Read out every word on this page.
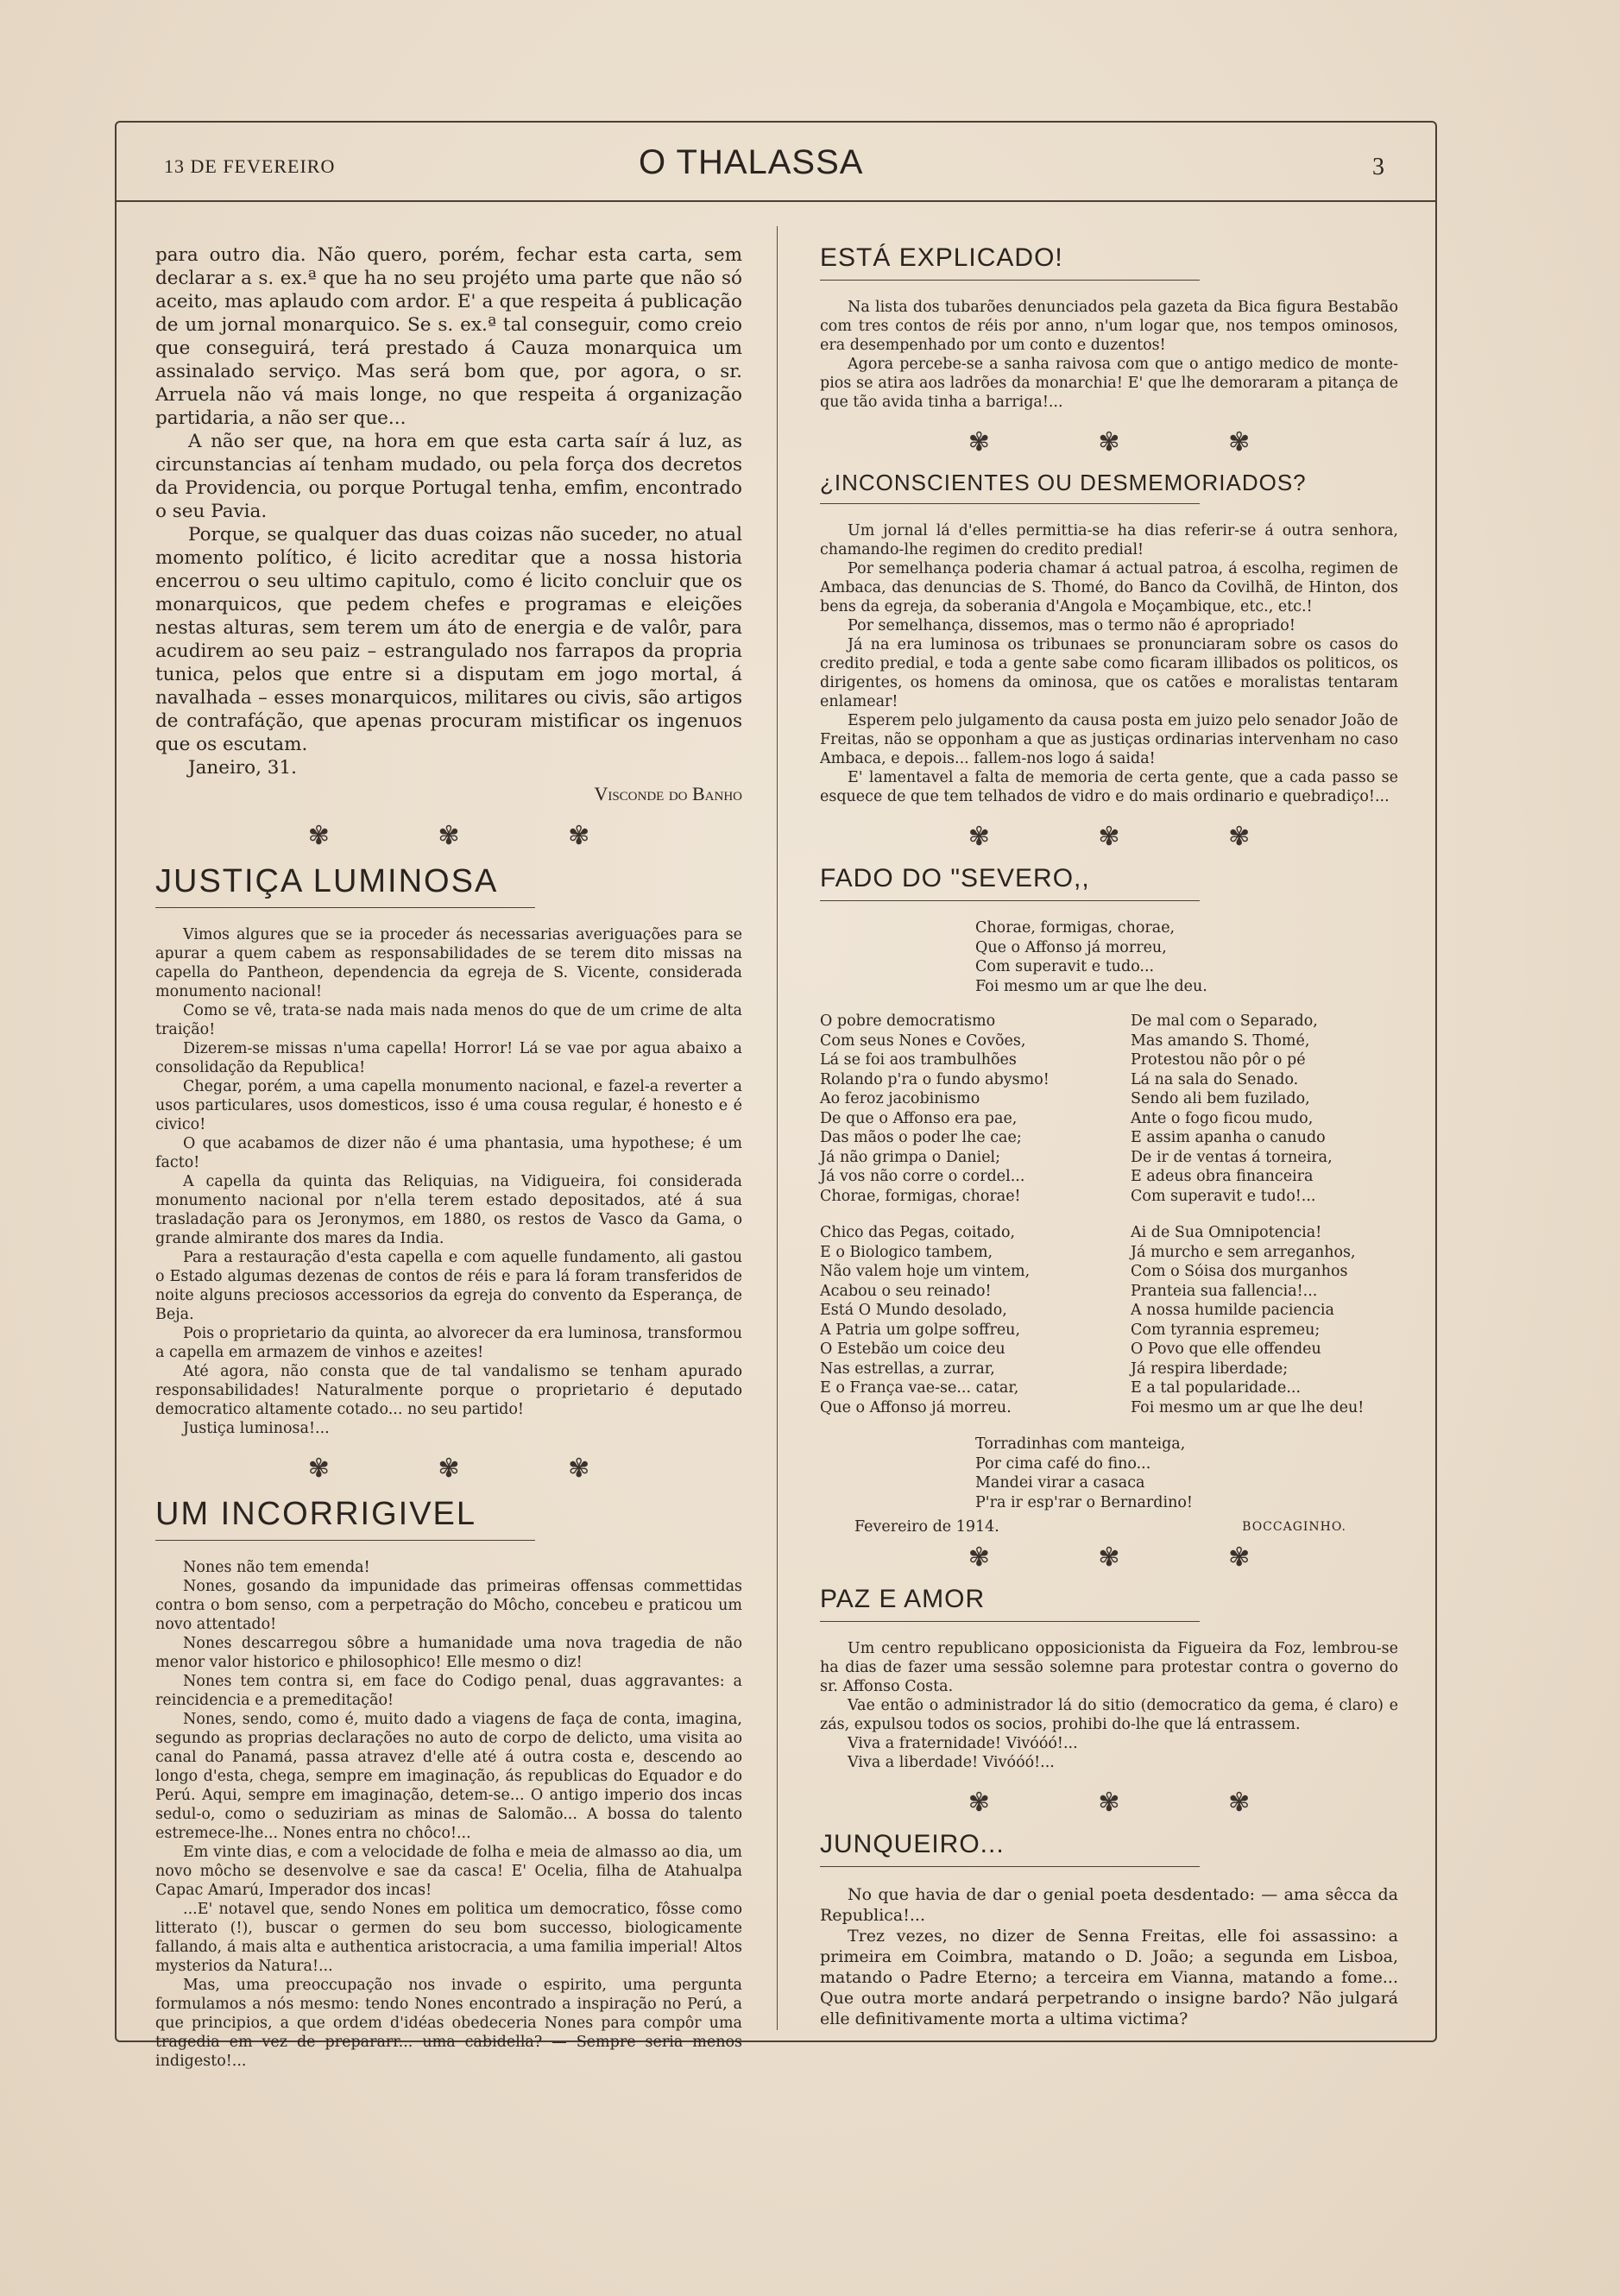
13 DE FEVEREIRO	O THALASSA	3

para outro dia. Não quero, porém, fechar esta carta, sem declarar a s. ex.ª que ha no seu projéto uma parte que não só aceito, mas aplaudo com ardor. E' a que respeita á publicação de um jornal monarquico. Se s. ex.ª tal conseguir, como creio que conseguirá, terá prestado á Cauza monarquica um assinalado serviço. Mas será bom que, por agora, o sr. Arruela não vá mais longe, no que respeita á organização partidaria, a não ser que...

A não ser que, na hora em que esta carta saír á luz, as circunstancias aí tenham mudado, ou pela força dos decretos da Providencia, ou porque Portugal tenha, emfim, encontrado o seu Pavia.

Porque, se qualquer das duas coizas não suceder, no atual momento político, é licito acreditar que a nossa historia encerrou o seu ultimo capitulo, como é licito concluir que os monarquicos, que pedem chefes e programas e eleições nestas alturas, sem terem um áto de energia e de valôr, para acudirem ao seu paiz – estrangulado nos farrapos da propria tunica, pelos que entre si a disputam em jogo mortal, á navalhada – esses monarquicos, militares ou civis, são artigos de contrafáção, que apenas procuram mistificar os ingenuos que os escutam.

Janeiro, 31.

Visconde do Banho
✾ ✾ ✾
JUSTIÇA LUMINOSA

Vimos algures que se ia proceder ás necessarias averiguações para se apurar a quem cabem as responsabilidades de se terem dito missas na capella do Pantheon, dependencia da egreja de S. Vicente, considerada monumento nacional!

Como se vê, trata-se nada mais nada menos do que de um crime de alta traição!

Dizerem-se missas n'uma capella! Horror! Lá se vae por agua abaixo a consolidação da Republica!

Chegar, porém, a uma capella monumento nacional, e fazel-a reverter a usos particulares, usos domesticos, isso é uma cousa regular, é honesto e é civico!

O que acabamos de dizer não é uma phantasia, uma hypothese; é um facto!

A capella da quinta das Reliquias, na Vidigueira, foi considerada monumento nacional por n'ella terem estado depositados, até á sua trasladação para os Jeronymos, em 1880, os restos de Vasco da Gama, o grande almirante dos mares da India.

Para a restauração d'esta capella e com aquelle fundamento, ali gastou o Estado algumas dezenas de contos de réis e para lá foram transferidos de noite alguns preciosos accessorios da egreja do convento da Esperança, de Beja.

Pois o proprietario da quinta, ao alvorecer da era luminosa, transformou a capella em armazem de vinhos e azeites!

Até agora, não consta que de tal vandalismo se tenham apurado responsabilidades! Naturalmente porque o proprietario é deputado democratico altamente cotado... no seu partido!

Justiça luminosa!...

✾ ✾ ✾
UM INCORRIGIVEL

Nones não tem emenda!

Nones, gosando da impunidade das primeiras offensas commettidas contra o bom senso, com a perpetração do Môcho, concebeu e praticou um novo attentado!

Nones descarregou sôbre a humanidade uma nova tragedia de não menor valor historico e philosophico! Elle mesmo o diz!

Nones tem contra si, em face do Codigo penal, duas aggravantes: a reincidencia e a premeditação!

Nones, sendo, como é, muito dado a viagens de faça de conta, imagina, segundo as proprias declarações no auto de corpo de delicto, uma visita ao canal do Panamá, passa atravez d'elle até á outra costa e, descendo ao longo d'esta, chega, sempre em imaginação, ás republicas do Equador e do Perú. Aqui, sempre em imaginação, detem-se... O antigo imperio dos incas sedul-o, como o seduziriam as minas de Salomão... A bossa do talento estremece-lhe... Nones entra no chôco!...

Em vinte dias, e com a velocidade de folha e meia de almasso ao dia, um novo môcho se desenvolve e sae da casca! E' Ocelia, filha de Atahualpa Capac Amarú, Imperador dos incas!

...E' notavel que, sendo Nones em politica um democratico, fôsse como litterato (!), buscar o germen do seu bom successo, biologicamente fallando, á mais alta e authentica aristocracia, a uma familia imperial! Altos mysterios da Natura!...

Mas, uma preoccupação nos invade o espirito, uma pergunta formulamos a nós mesmo: tendo Nones encontrado a inspiração no Perú, a que principios, a que ordem d'idéas obedeceria Nones para compôr uma tragedia em vez de prepararr... uma cabidella? — Sempre seria menos indigesto!...

ESTÁ EXPLICADO!

Na lista dos tubarões denunciados pela gazeta da Bica figura Bestabão com tres contos de réis por anno, n'um logar que, nos tempos ominosos, era desempenhado por um conto e duzentos!

Agora percebe-se a sanha raivosa com que o antigo medico de monte-pios se atira aos ladrões da monarchia! E' que lhe demoraram a pitança de que tão avida tinha a barriga!...

✾ ✾ ✾
¿INCONSCIENTES OU DESMEMORIADOS?

Um jornal lá d'elles permittia-se ha dias referir-se á outra senhora, chamando-lhe regimen do credito predial!

Por semelhança poderia chamar á actual patroa, á escolha, regimen de Ambaca, das denuncias de S. Thomé, do Banco da Covilhã, de Hinton, dos bens da egreja, da soberania d'Angola e Moçambique, etc., etc.!

Por semelhança, dissemos, mas o termo não é apropriado!

Já na era luminosa os tribunaes se pronunciaram sobre os casos do credito predial, e toda a gente sabe como ficaram illibados os politicos, os dirigentes, os homens da ominosa, que os catões e moralistas tentaram enlamear!

Esperem pelo julgamento da causa posta em juizo pelo senador João de Freitas, não se opponham a que as justiças ordinarias intervenham no caso Ambaca, e depois... fallem-nos logo á saida!

E' lamentavel a falta de memoria de certa gente, que a cada passo se esquece de que tem telhados de vidro e do mais ordinario e quebradiço!...

✾ ✾ ✾
FADO DO "SEVERO,,
Chorae, formigas, chorae,
Que o Affonso já morreu,
Com superavit e tudo...
Foi mesmo um ar que lhe deu.
O pobre democratismo
Com seus Nones e Covões,
Lá se foi aos trambulhões
Rolando p'ra o fundo abysmo!
Ao feroz jacobinismo
De que o Affonso era pae,
Das mãos o poder lhe cae;
Já não grimpa o Daniel;
Já vos não corre o cordel...
Chorae, formigas, chorae!
Chico das Pegas, coitado,
E o Biologico tambem,
Não valem hoje um vintem,
Acabou o seu reinado!
Está O Mundo desolado,
A Patria um golpe soffreu,
O Estebão um coice deu
Nas estrellas, a zurrar,
E o França vae-se... catar,
Que o Affonso já morreu.
De mal com o Separado,
Mas amando S. Thomé,
Protestou não pôr o pé
Lá na sala do Senado.
Sendo ali bem fuzilado,
Ante o fogo ficou mudo,
E assim apanha o canudo
De ir de ventas á torneira,
E adeus obra financeira
Com superavit e tudo!...
Ai de Sua Omnipotencia!
Já murcho e sem arreganhos,
Com o Sóisa dos murganhos
Pranteia sua fallencia!...
A nossa humilde paciencia
Com tyrannia espremeu;
O Povo que elle offendeu
Já respira liberdade;
E a tal popularidade...
Foi mesmo um ar que lhe deu!
Torradinhas com manteiga,
Por cima café do fino...
Mandei virar a casaca
P'ra ir esp'rar o Bernardino!
Fevereiro de 1914.	BOCCAGINHO.
✾ ✾ ✾
PAZ E AMOR

Um centro republicano opposicionista da Figueira da Foz, lembrou-se ha dias de fazer uma sessão solemne para protestar contra o governo do sr. Affonso Costa.

Vae então o administrador lá do sitio (democratico da gema, é claro) e zás, expulsou todos os socios, prohibi do-lhe que lá entrassem.

Viva a fraternidade! Vivóóó!...

Viva a liberdade! Vivóóó!...

✾ ✾ ✾
JUNQUEIRO...

No que havia de dar o genial poeta desdentado: — ama sêcca da Republica!...

Trez vezes, no dizer de Senna Freitas, elle foi assassino: a primeira em Coimbra, matando o D. João; a segunda em Lisboa, matando o Padre Eterno; a terceira em Vianna, matando a fome... Que outra morte andará perpetrando o insigne bardo? Não julgará elle definitivamente morta a ultima victima?
